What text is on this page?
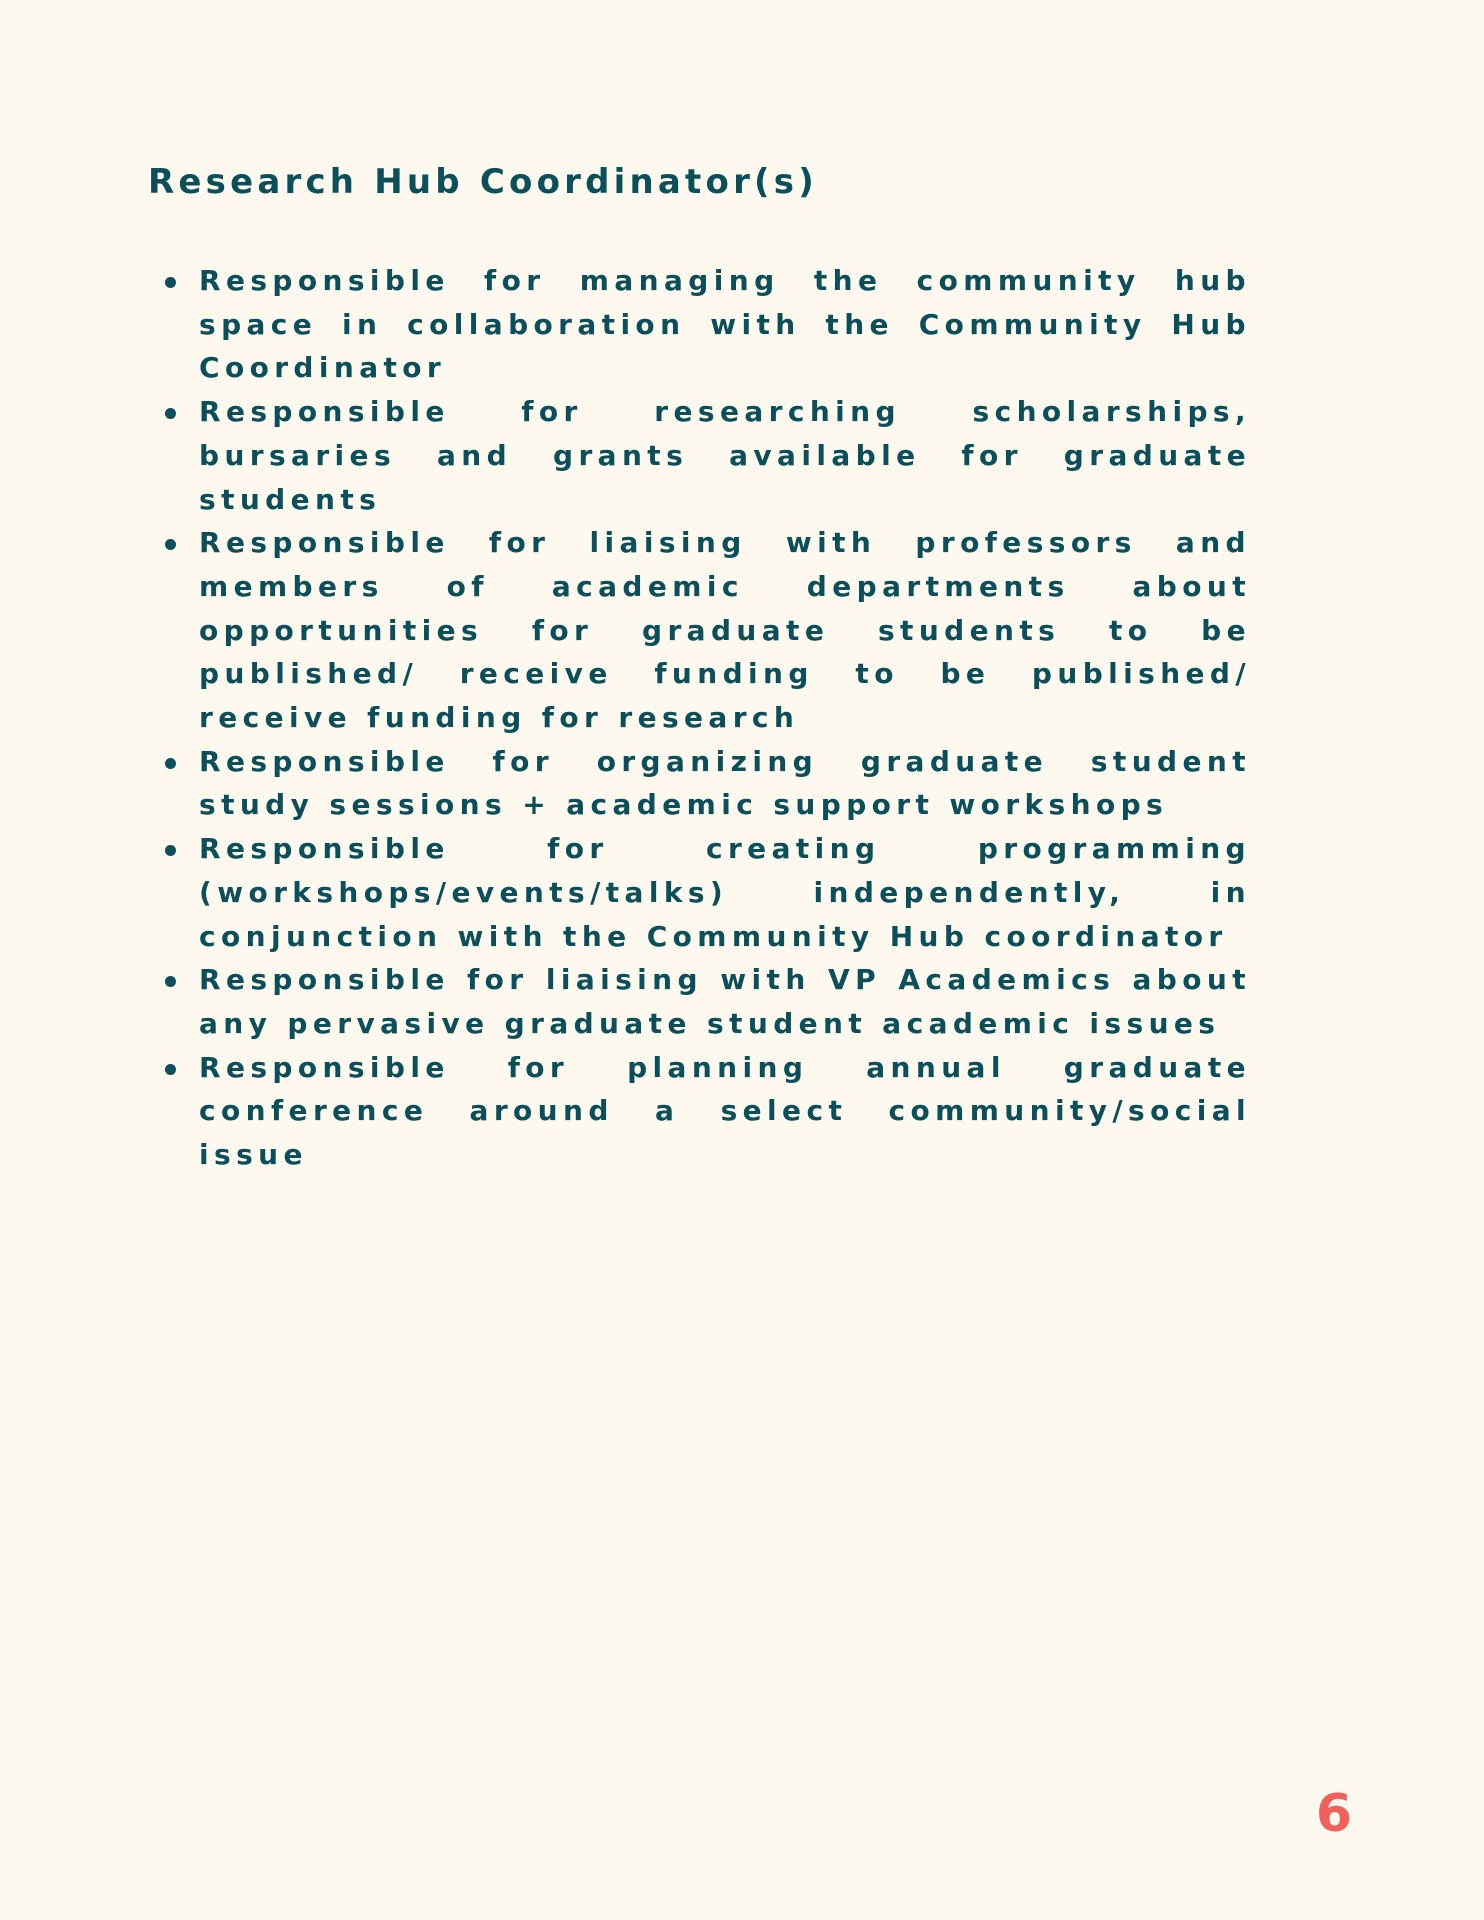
Research Hub Coordinator(s)
Responsible for managing the community hub space in collaboration with the Community Hub Coordinator
Responsible for researching scholarships, bursaries and grants available for graduate students
Responsible for liaising with professors and members of academic departments about opportunities for graduate students to be published/ receive funding to be published/ receive funding for research
Responsible for organizing graduate student study sessions + academic support workshops
Responsible for creating programming (workshops/events/talks) independently, in conjunction with the Community Hub coordinator
Responsible for liaising with VP Academics about any pervasive graduate student academic issues
Responsible for planning annual graduate conference around a select community/social issue
6
